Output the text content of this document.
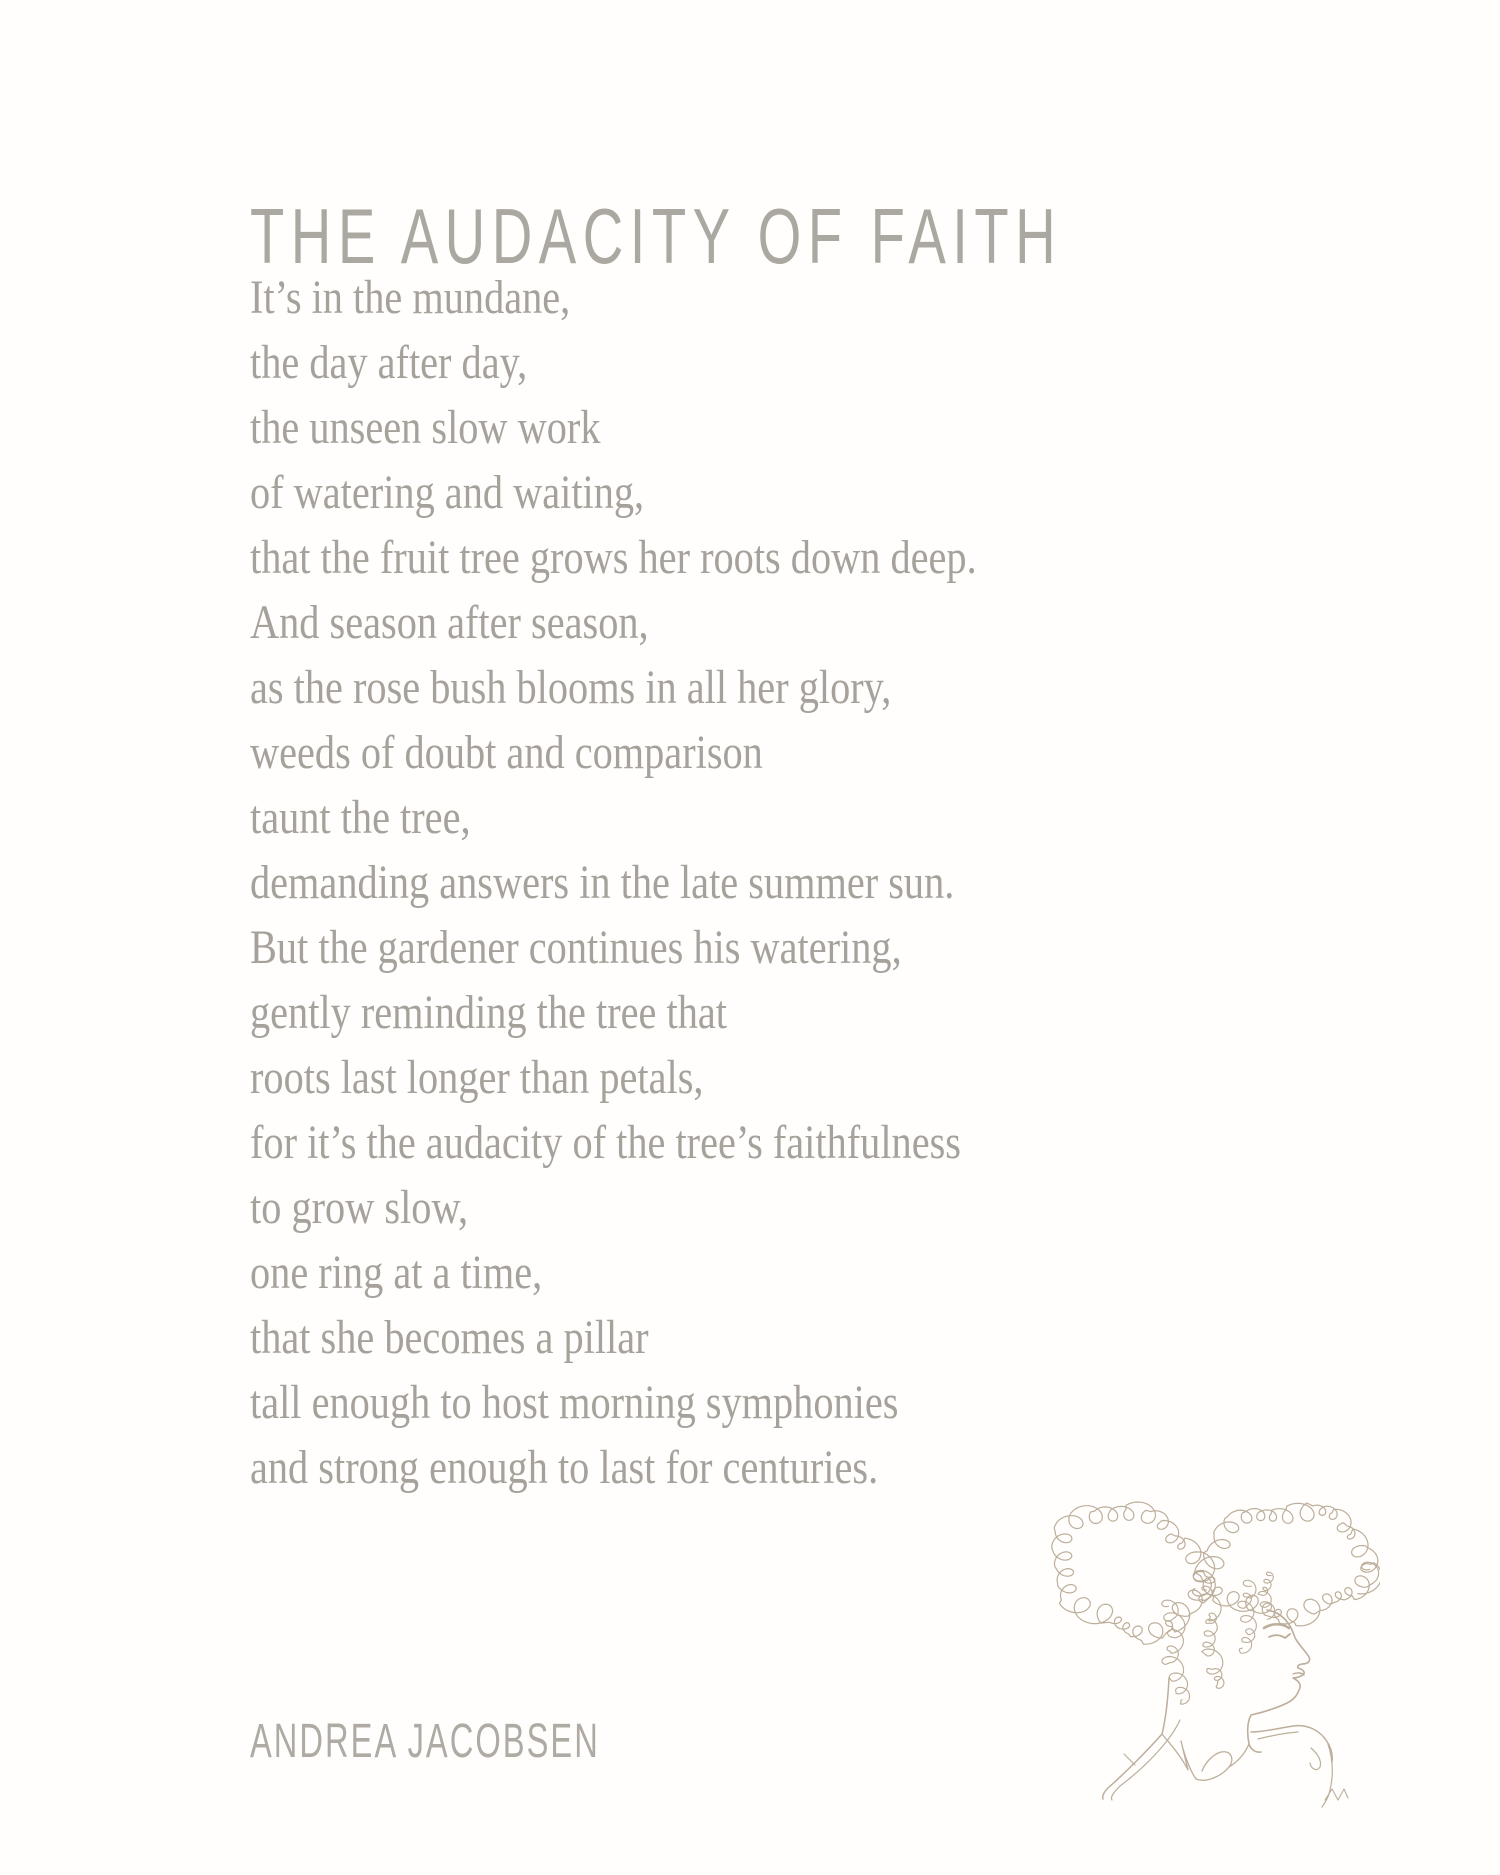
THE AUDACITY OF FAITH
It’s in the mundane,
the day after day,
the unseen slow work
of watering and waiting,
that the fruit tree grows her roots down deep.
And season after season,
as the rose bush blooms in all her glory,
weeds of doubt and comparison
taunt the tree,
demanding answers in the late summer sun.
But the gardener continues his watering,
gently reminding the tree that
roots last longer than petals,
for it’s the audacity of the tree’s faithfulness
to grow slow,
one ring at a time,
that she becomes a pillar
tall enough to host morning symphonies
and strong enough to last for centuries.
ANDREA JACOBSEN
